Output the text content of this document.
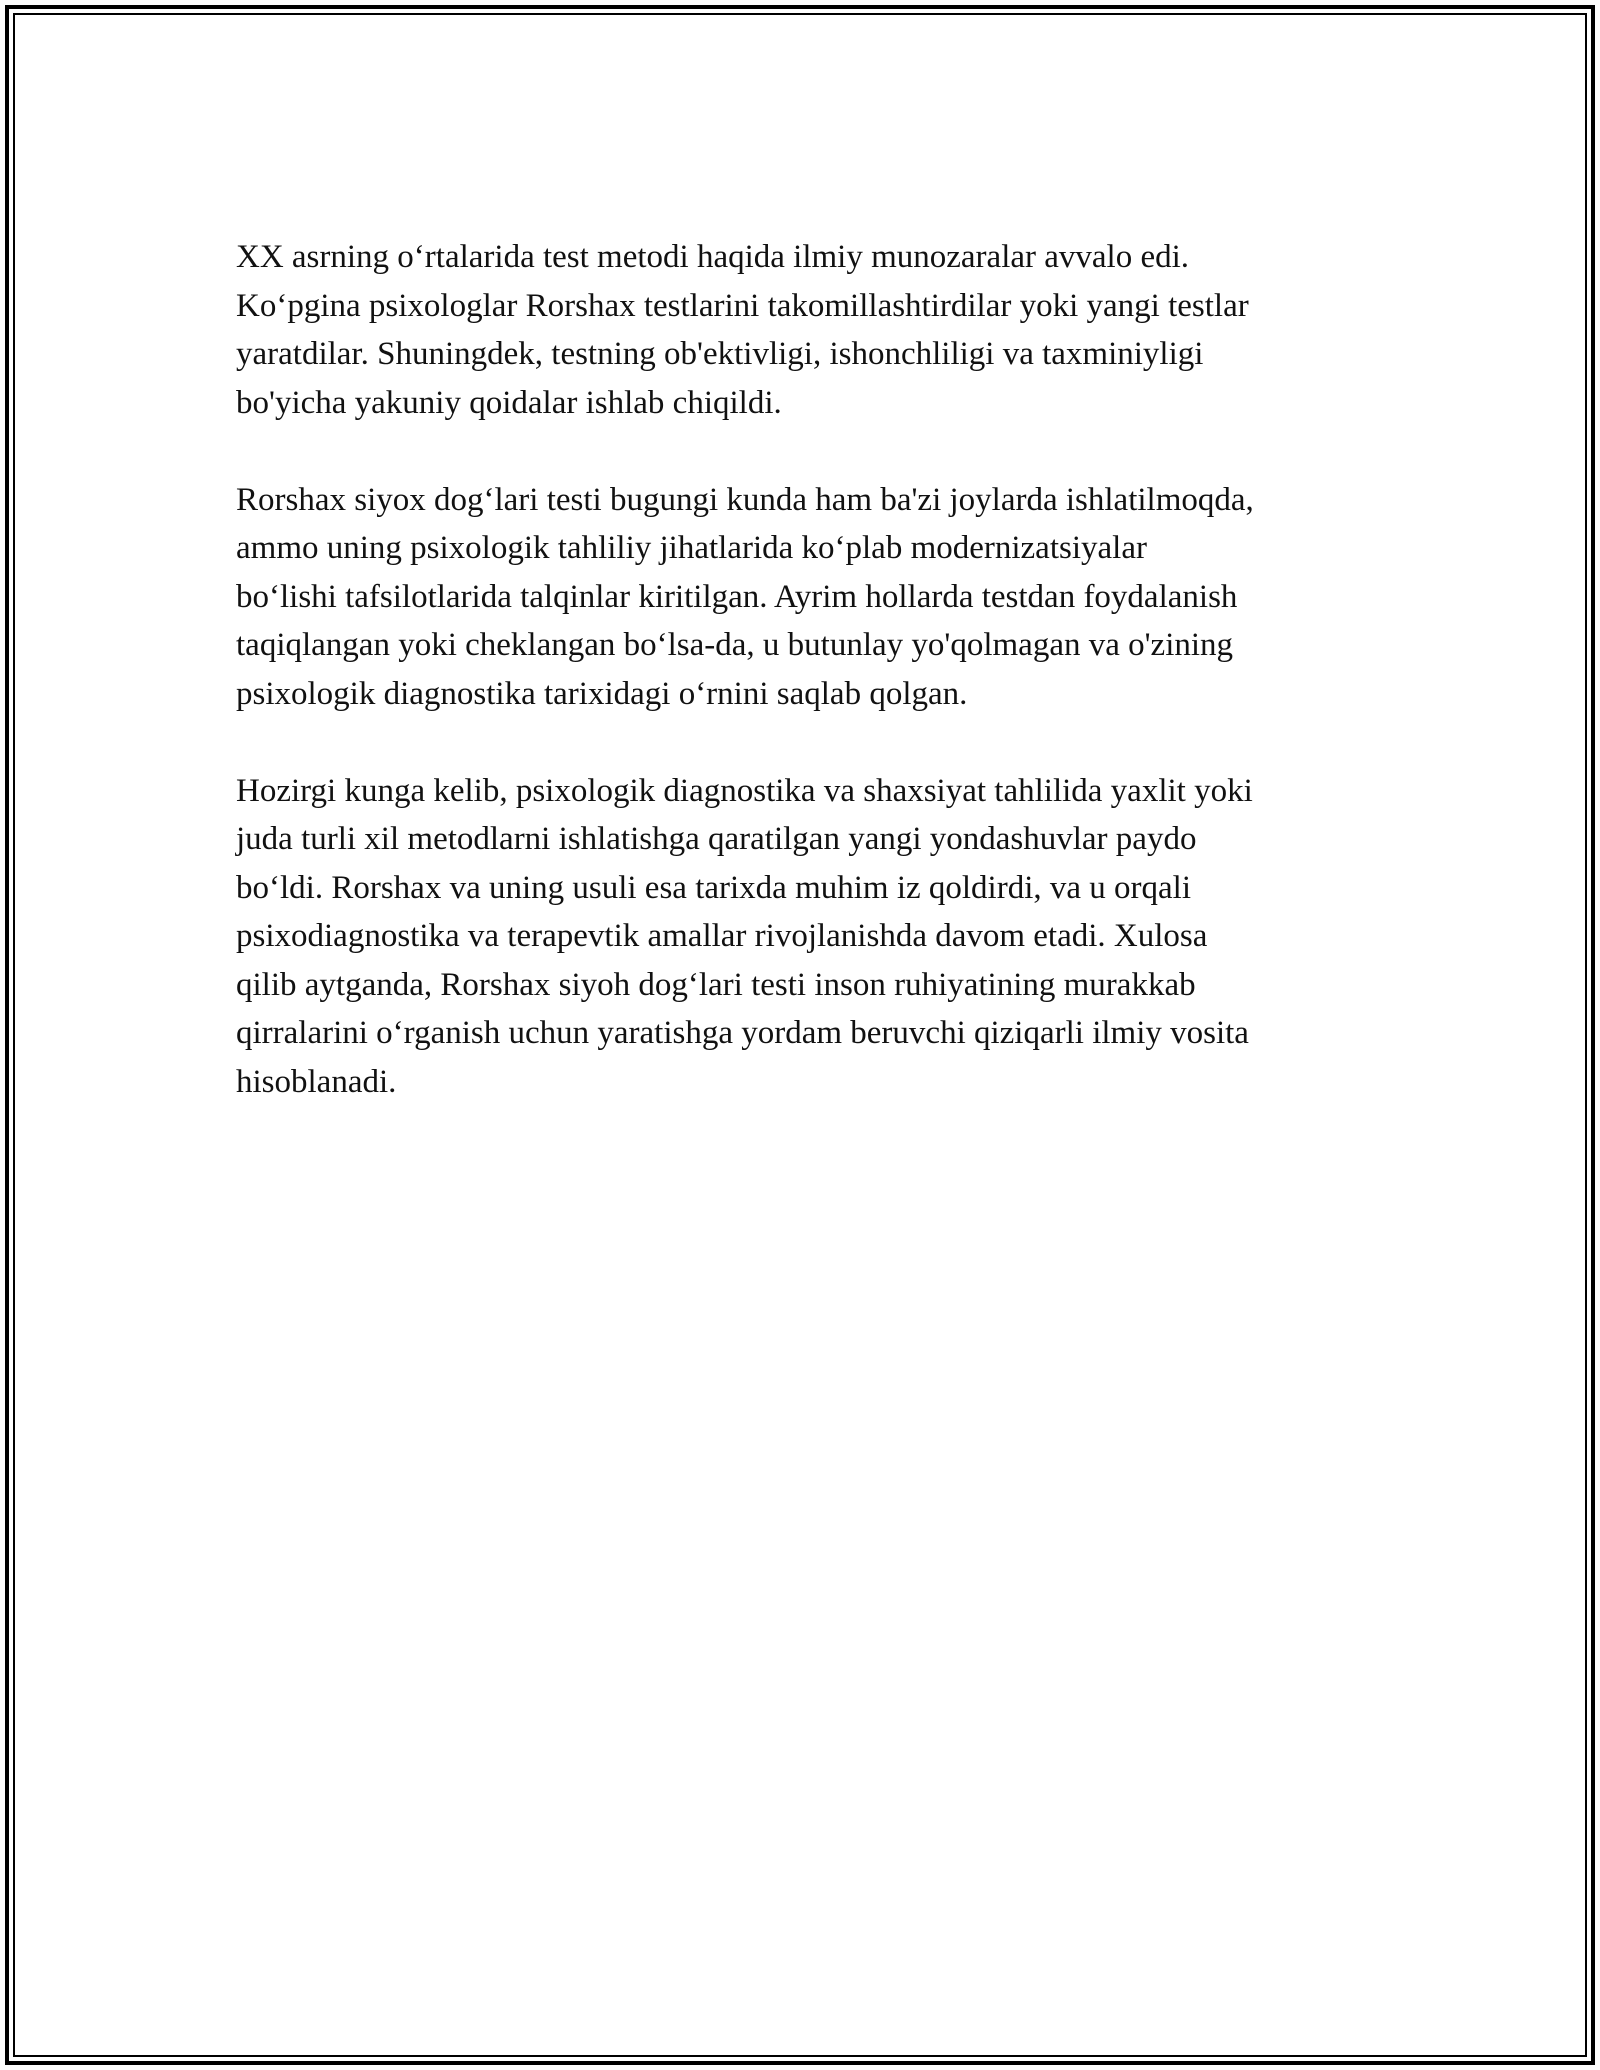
XX asrning o‘rtalarida test metodi haqida ilmiy munozaralar avvalo edi.
Ko‘pgina psixologlar Rorshax testlarini takomillashtirdilar yoki yangi testlar
yaratdilar. Shuningdek, testning ob'ektivligi, ishonchliligi va taxminiyligi
bo'yicha yakuniy qoidalar ishlab chiqildi.

Rorshax siyox dog‘lari testi bugungi kunda ham ba'zi joylarda ishlatilmoqda,
ammo uning psixologik tahliliy jihatlarida ko‘plab modernizatsiyalar
bo‘lishi tafsilotlarida talqinlar kiritilgan. Ayrim hollarda testdan foydalanish
taqiqlangan yoki cheklangan bo‘lsa-da, u butunlay yo'qolmagan va o'zining
psixologik diagnostika tarixidagi o‘rnini saqlab qolgan.

Hozirgi kunga kelib, psixologik diagnostika va shaxsiyat tahlilida yaxlit yoki
juda turli xil metodlarni ishlatishga qaratilgan yangi yondashuvlar paydo
bo‘ldi. Rorshax va uning usuli esa tarixda muhim iz qoldirdi, va u orqali
psixodiagnostika va terapevtik amallar rivojlanishda davom etadi. Xulosa
qilib aytganda, Rorshax siyoh dog‘lari testi inson ruhiyatining murakkab
qirralarini o‘rganish uchun yaratishga yordam beruvchi qiziqarli ilmiy vosita
hisoblanadi.
